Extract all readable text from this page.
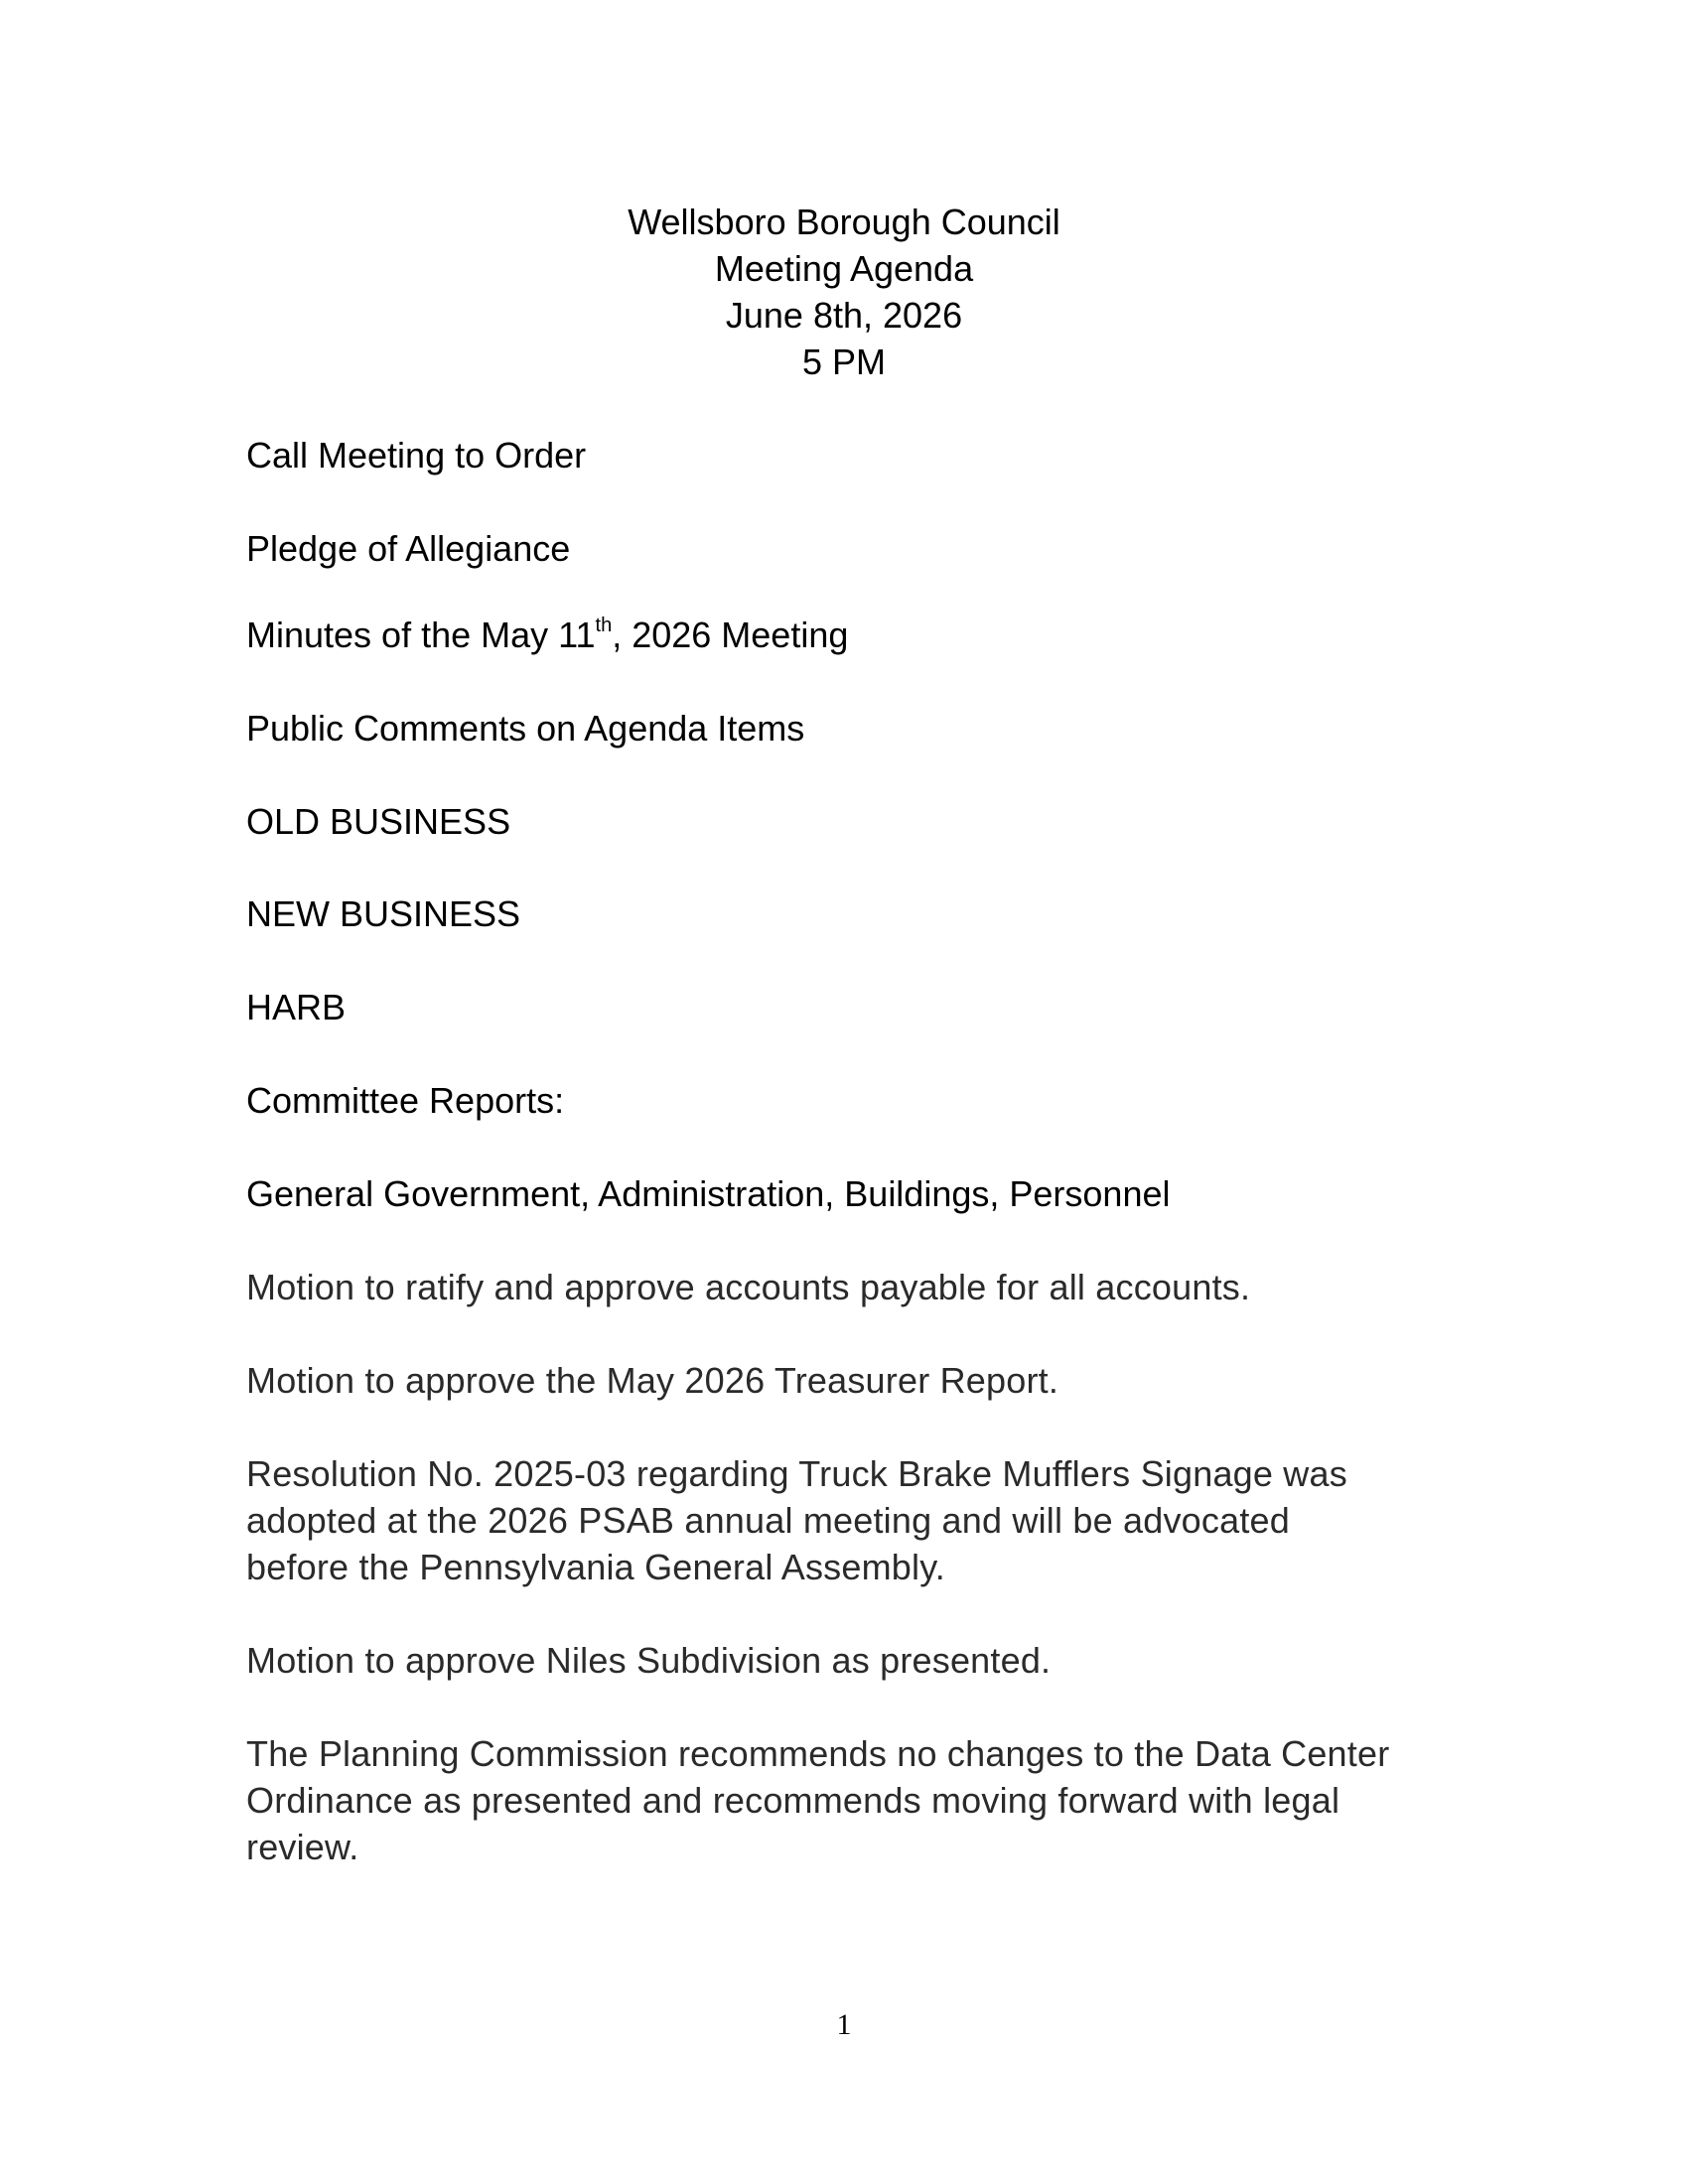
Wellsboro Borough Council
Meeting Agenda
June 8th, 2026
5 PM
Call Meeting to Order
Pledge of Allegiance
Minutes of the May 11th, 2026 Meeting
Public Comments on Agenda Items
OLD BUSINESS
NEW BUSINESS
HARB
Committee Reports:
General Government, Administration, Buildings, Personnel
Motion to ratify and approve accounts payable for all accounts.
Motion to approve the May 2026 Treasurer Report.
Resolution No. 2025-03 regarding Truck Brake Mufflers Signage was
adopted at the 2026 PSAB annual meeting and will be advocated
before the Pennsylvania General Assembly.
Motion to approve Niles Subdivision as presented.
The Planning Commission recommends no changes to the Data Center
Ordinance as presented and recommends moving forward with legal
review.
1
